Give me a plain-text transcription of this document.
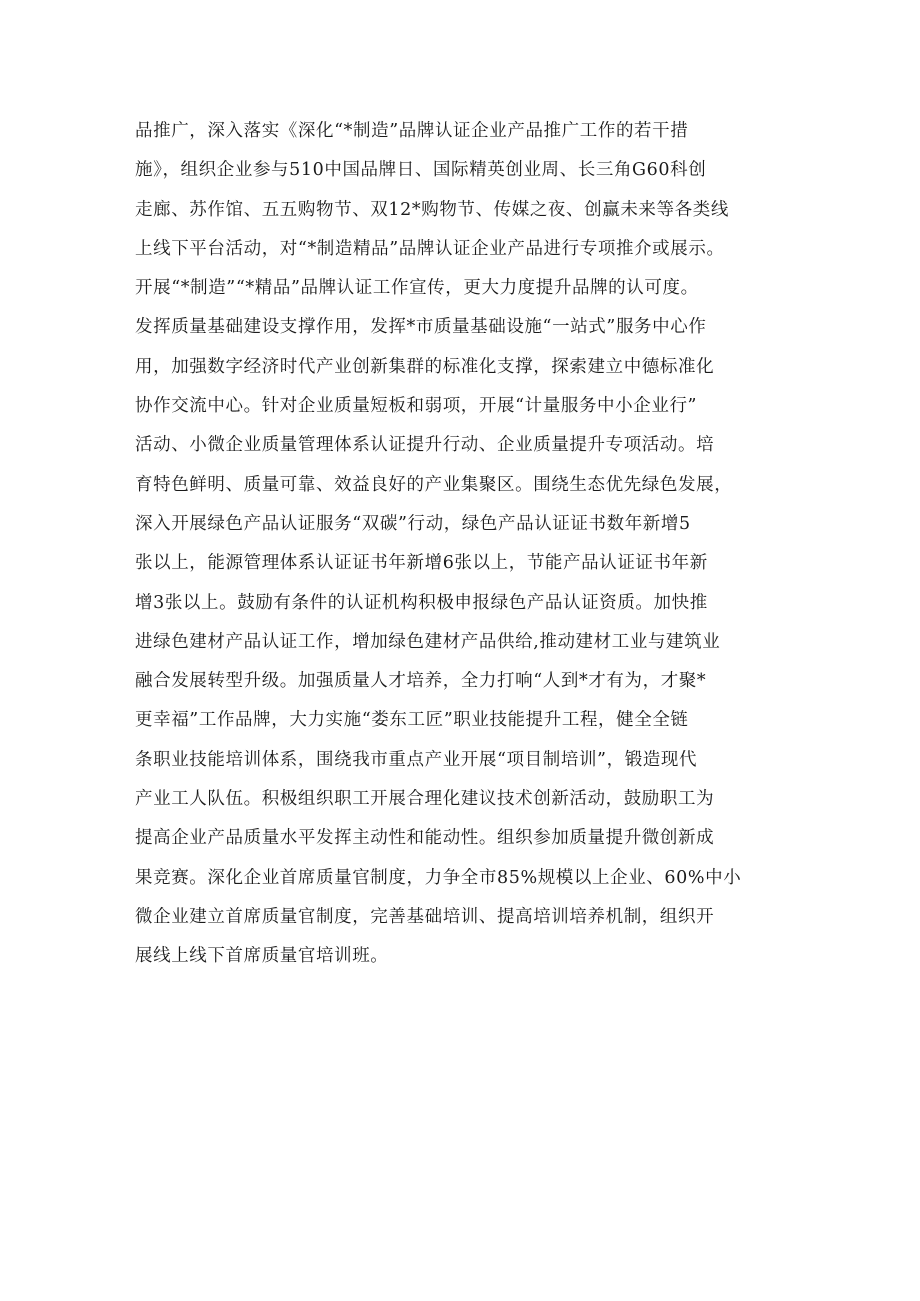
品推广，深入落实《深化“*制造”品牌认证企业产品推广工作的若干措
施》，组织企业参与510中国品牌日、国际精英创业周、长三角G60科创
走廊、苏作馆、五五购物节、双12*购物节、传媒之夜、创赢未来等各类线
上线下平台活动，对“*制造精品”品牌认证企业产品进行专项推介或展示。
开展“*制造”“*精品”品牌认证工作宣传，更大力度提升品牌的认可度。
发挥质量基础建设支撑作用，发挥*市质量基础设施“一站式”服务中心作
用，加强数字经济时代产业创新集群的标准化支撑，探索建立中德标准化
协作交流中心。针对企业质量短板和弱项，开展“计量服务中小企业行”
活动、小微企业质量管理体系认证提升行动、企业质量提升专项活动。培
育特色鲜明、质量可靠、效益良好的产业集聚区。围绕生态优先绿色发展，
深入开展绿色产品认证服务“双碳”行动，绿色产品认证证书数年新增5
张以上，能源管理体系认证证书年新增6张以上，节能产品认证证书年新
增3张以上。鼓励有条件的认证机构积极申报绿色产品认证资质。加快推
进绿色建材产品认证工作，增加绿色建材产品供给,推动建材工业与建筑业
融合发展转型升级。加强质量人才培养，全力打响“人到*才有为，才聚*
更幸福”工作品牌，大力实施“娄东工匠”职业技能提升工程，健全全链
条职业技能培训体系，围绕我市重点产业开展“项目制培训”，锻造现代
产业工人队伍。积极组织职工开展合理化建议技术创新活动，鼓励职工为
提高企业产品质量水平发挥主动性和能动性。组织参加质量提升微创新成
果竞赛。深化企业首席质量官制度，力争全市85%规模以上企业、60%中小
微企业建立首席质量官制度，完善基础培训、提高培训培养机制，组织开
展线上线下首席质量官培训班。
